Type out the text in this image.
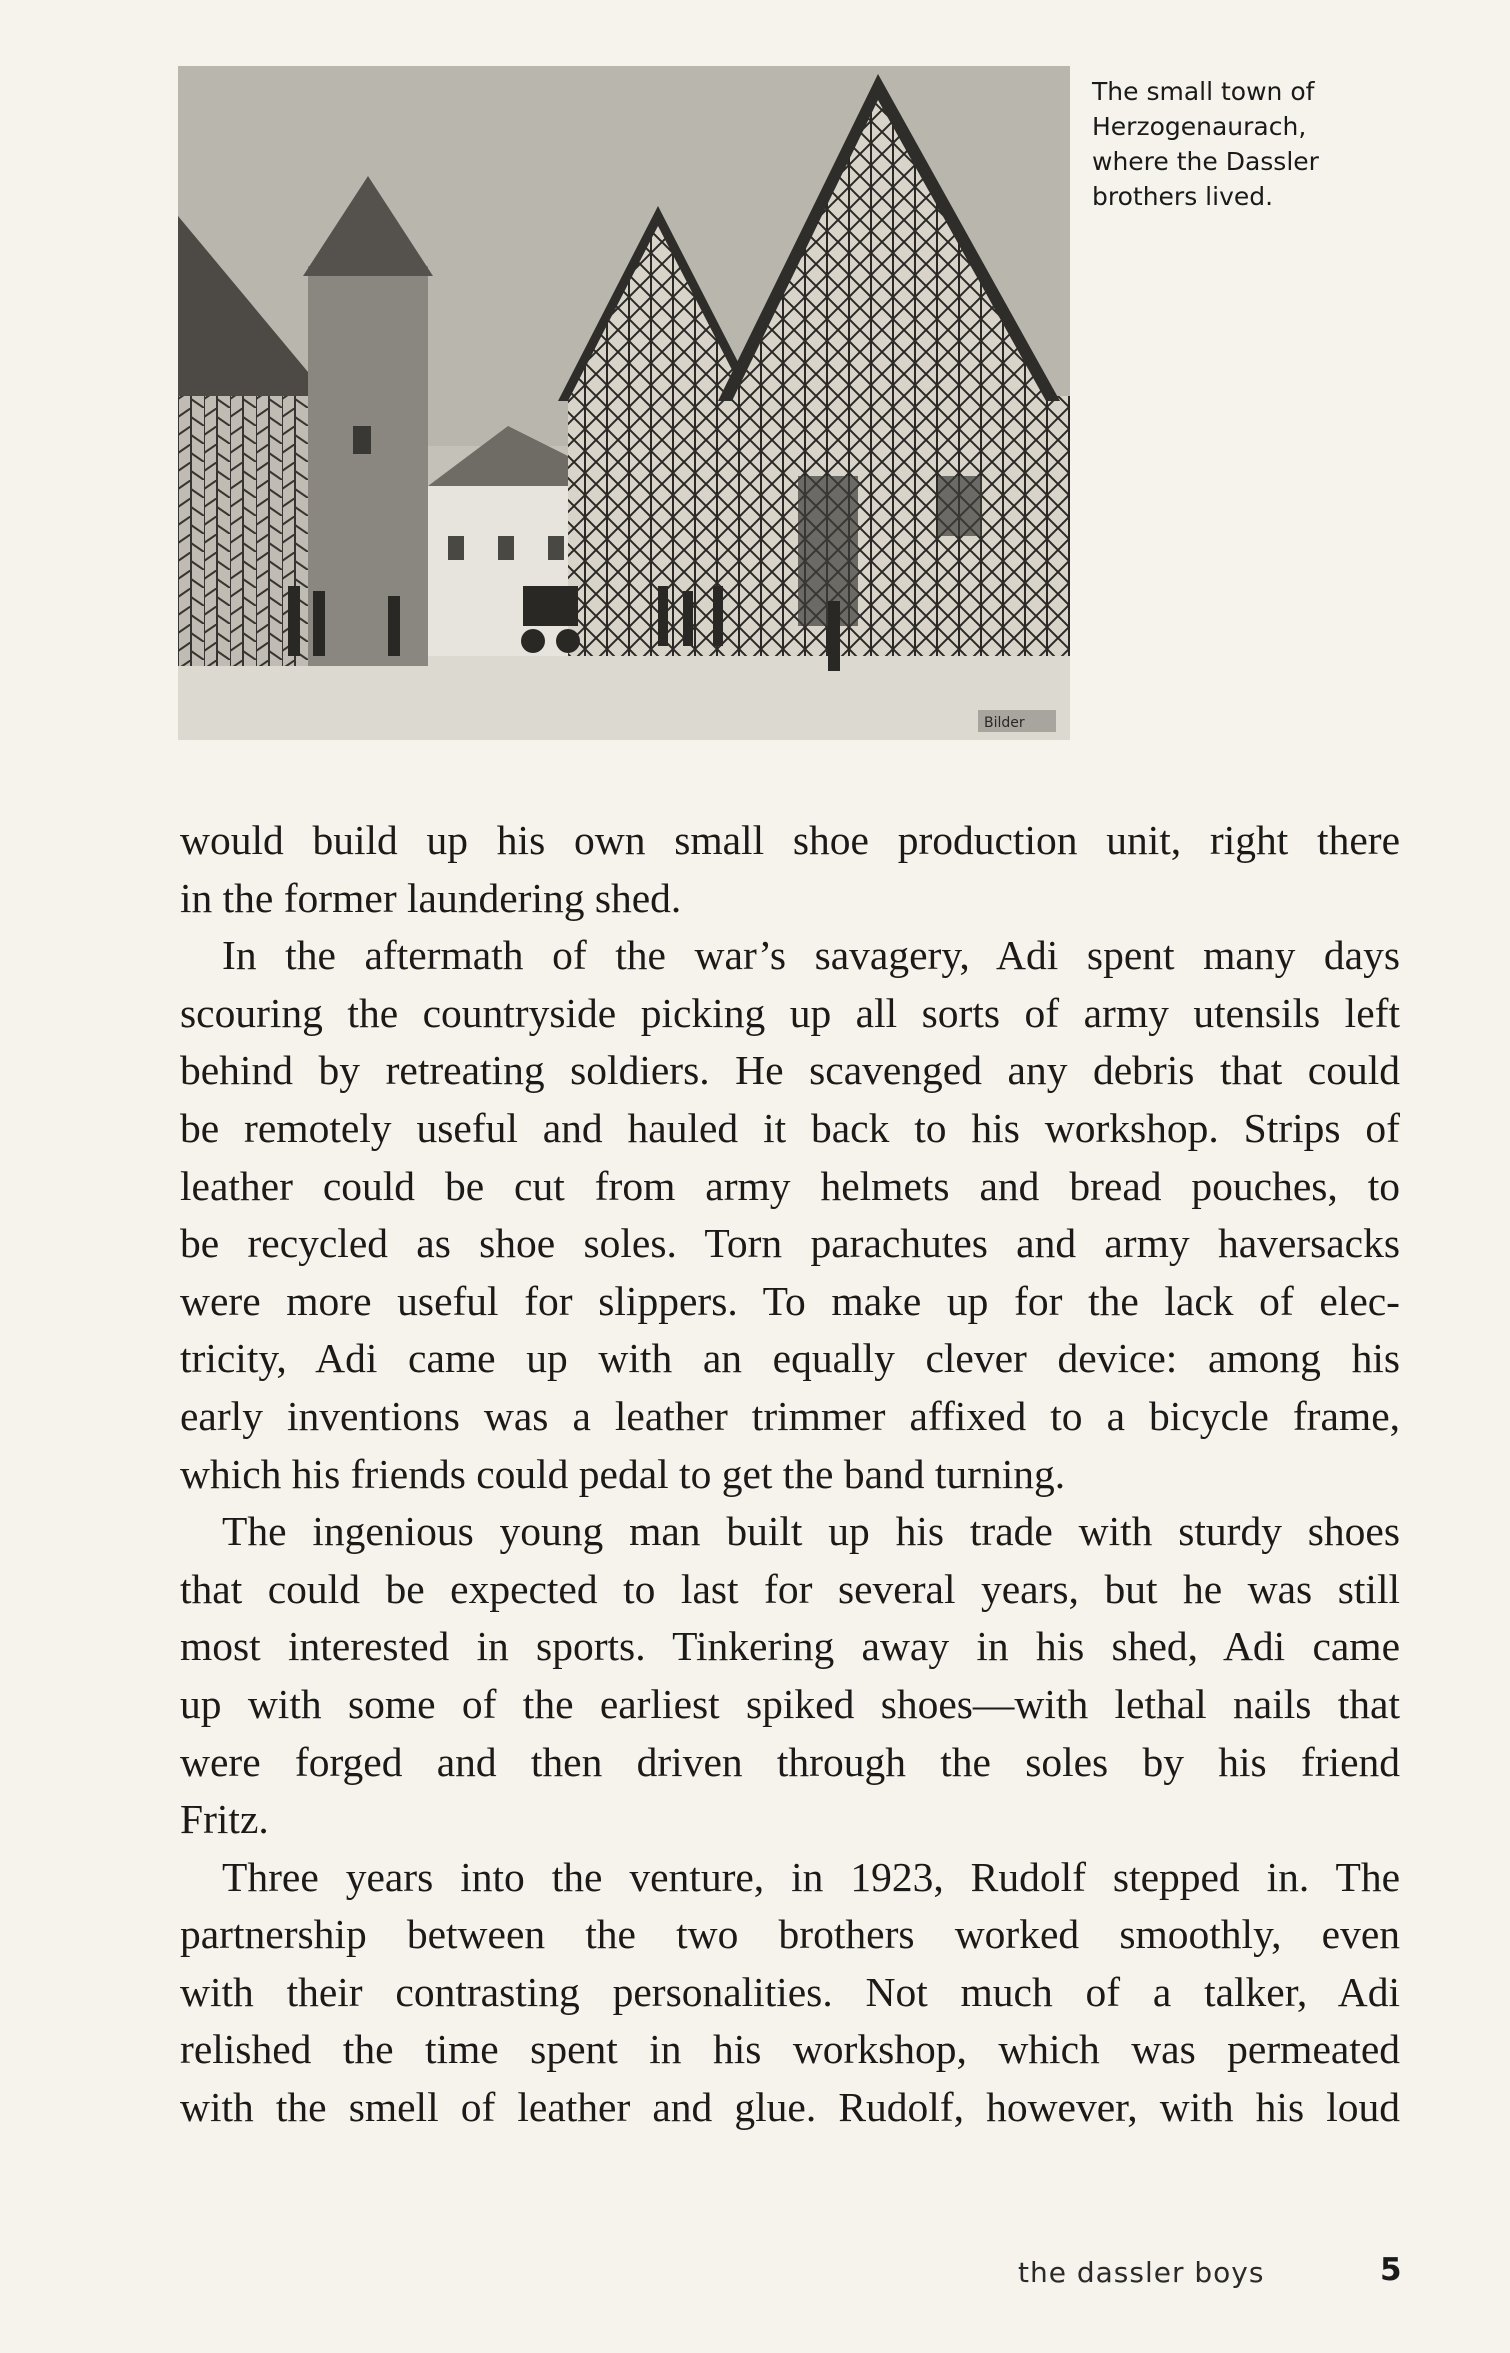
Bilder
The small town of
Herzogenaurach,
where the Dassler
brothers lived.
would build up his own small shoe production unit, right there
in the former laundering shed.
In the aftermath of the war’s savagery, Adi spent many days
scouring the countryside picking up all sorts of army utensils left
behind by retreating soldiers. He scavenged any debris that could
be remotely useful and hauled it back to his workshop. Strips of
leather could be cut from army helmets and bread pouches, to
be recycled as shoe soles. Torn parachutes and army haversacks
were more useful for slippers. To make up for the lack of elec-
tricity, Adi came up with an equally clever device: among his
early inventions was a leather trimmer affixed to a bicycle frame,
which his friends could pedal to get the band turning.
The ingenious young man built up his trade with sturdy shoes
that could be expected to last for several years, but he was still
most interested in sports. Tinkering away in his shed, Adi came
up with some of the earliest spiked shoes—with lethal nails that
were forged and then driven through the soles by his friend
Fritz.
Three years into the venture, in 1923, Rudolf stepped in. The
partnership between the two brothers worked smoothly, even
with their contrasting personalities. Not much of a talker, Adi
relished the time spent in his workshop, which was permeated
with the smell of leather and glue. Rudolf, however, with his loud
the dassler boys	5
